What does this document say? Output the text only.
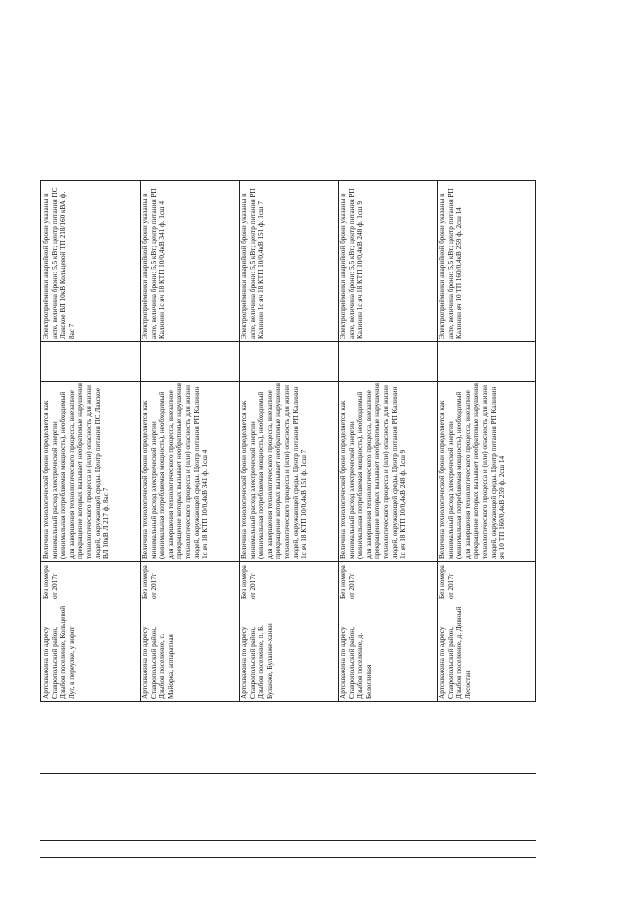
Электроприёмники аварийной брони указаны в акте, величина брони: 5,5 кВт; центр питания ПС Лакское ВЛ 10кВ Кольцевой ТП 218/160 кВА ф. 8ас 7
Величина технологической брони определяется как минимальный расход электрической энергии (минимальная потребляемая мощность), необходимый для завершения технологического процесса, внезапное прекращение которых вызывает необратимые нарушения технологического процесса и (или) опасность для жизни людей, окружающей среды. Центр питания ПС Лакское ВЛ 10кВ Л 217 ф. 8ас 7
Без номера от 2017г
Артскважина по адресу Ставропольский район, Дзыбов поселение, Кольцевой Луг, в переулке, у ворот
Электроприёмники аварийной брони указаны в акте, величина брони: 5,5 кВт; центр питания РП Калинин 1с яч 18 КТП 10/0,4кВ 341 ф. 1сш 4
Величина технологической брони определяется как минимальный расход электрической энергии (минимальная потребляемая мощность), необходимый для завершения технологического процесса, внезапное прекращение которых вызывает необратимые нарушения технологического процесса и (или) опасность для жизни людей, окружающей среды. Центр питания РП Калинин 1с яч 18 КТП 10/0,4кВ 341 ф. 1сш 4
Без номера от 2017г
Артскважина по адресу Ставропольский район, Дзыбов поселение, с. Майорка, аппаратная
Электроприёмники аварийной брони указаны в акте, величина брони: 5,5 кВт; центр питания РП Калинин 1с яч 18 КТП 10/0,4кВ 151 ф. 1сш 7
Величина технологической брони определяется как минимальный расход электрической энергии (минимальная потребляемая мощность), необходимый для завершения технологического процесса, внезапное прекращение которых вызывает необратимые нарушения технологического процесса и (или) опасность для жизни людей, окружающей среды. Центр питания РП Калинин 1с яч 18 КТП 10/0,4кВ 151 ф. 1сш 7
Без номера от 2017г
Артскважина по адресу Ставропольский район, Дзыбов поселение, п. Б. Буланже, Буланже-ханки
Электроприёмники аварийной брони указаны в акте, величина брони: 5,5 кВт; центр питания РП Калинин 1с яч 18 КТП 10/0,4кВ 248 ф. 1сш 9
Величина технологической брони определяется как минимальный расход электрической энергии (минимальная потребляемая мощность), необходимый для завершения технологического процесса, внезапное прекращение которых вызывает необратимые нарушения технологического процесса и (или) опасность для жизни людей, окружающей среды. Центр питания РП Калинин 1с яч 18 КТП 10/0,4кВ 248 ф. 1сш 9
Без номера от 2017г
Артскважина по адресу Ставропольский район, Дзыбов поселение, д. Белогливая
Электроприёмники аварийной брони указаны в акте, величина брони: 5,5 кВт; центр питания РП Калинин яч 10 ТП 160/0,4кВ 259 ф. 2сш 14
Величина технологической брони определяется как минимальный расход электрической энергии (минимальная потребляемая мощность), необходимый для завершения технологического процесса, внезапное прекращение которых вызывает необратимые нарушения технологического процесса и (или) опасность для жизни людей, окружающей среды. Центр питания РП Калинин яч 10 ТП 160/0,4кВ 259 ф. 2сш 14
Без номера от 2017г
Артскважина по адресу Ставропольский район, Дзыбов поселение, д. Дивный Лесостан
